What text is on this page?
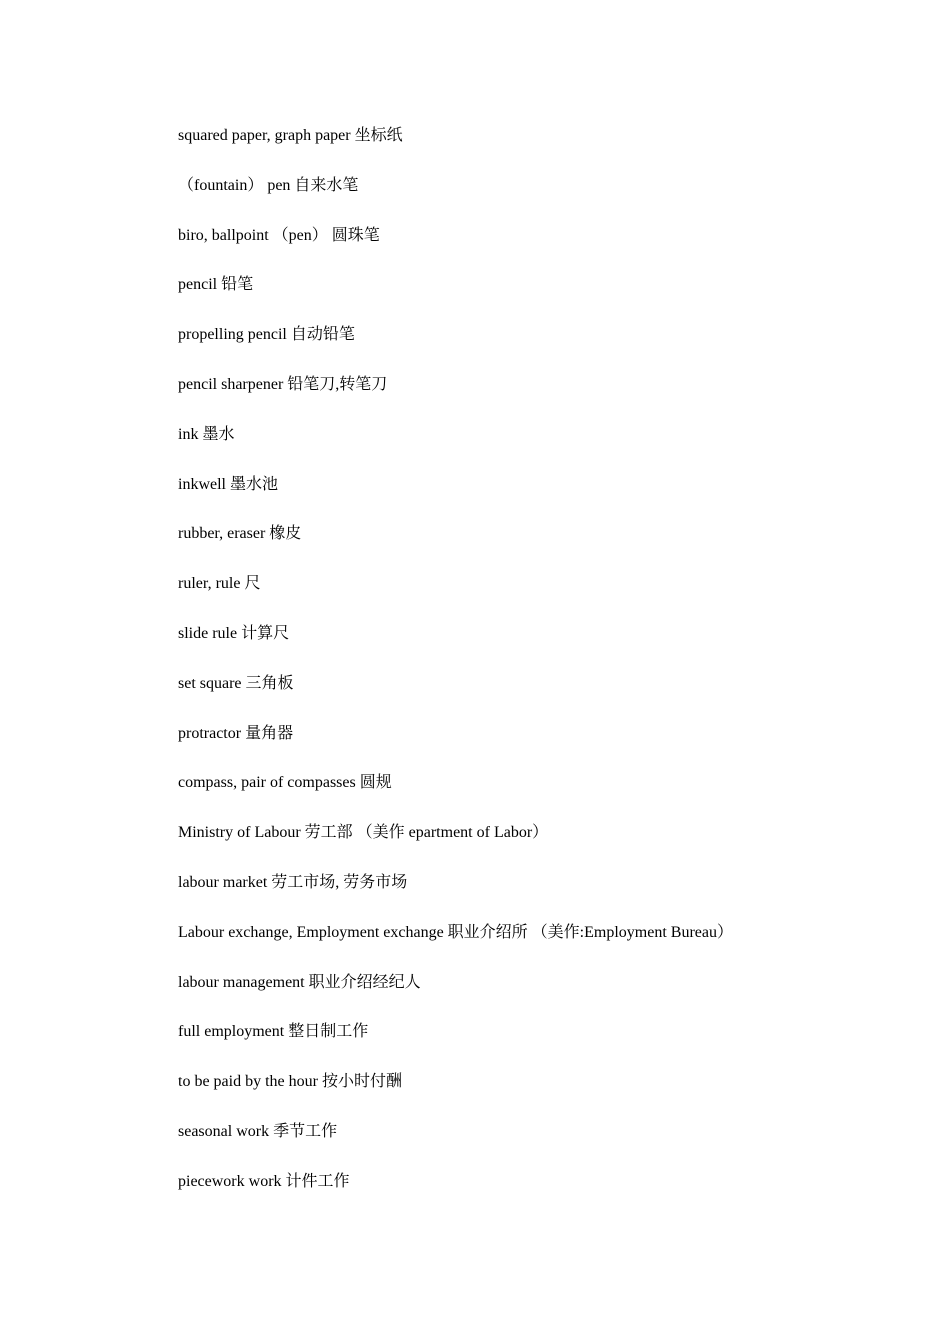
squared paper, graph paper 坐标纸
（fountain） pen 自来水笔
biro, ballpoint （pen） 圆珠笔
pencil 铅笔
propelling pencil 自动铅笔
pencil sharpener 铅笔刀,转笔刀
ink 墨水
inkwell 墨水池
rubber, eraser 橡皮
ruler, rule 尺
slide rule 计算尺
set square 三角板
protractor 量角器
compass, pair of compasses 圆规
Ministry of Labour 劳工部 （美作 epartment of Labor）
labour market 劳工市场, 劳务市场
Labour exchange, Employment exchange 职业介绍所 （美作:Employment Bureau）
labour management 职业介绍经纪人
full employment 整日制工作
to be paid by the hour 按小时付酬
seasonal work 季节工作
piecework work 计件工作
